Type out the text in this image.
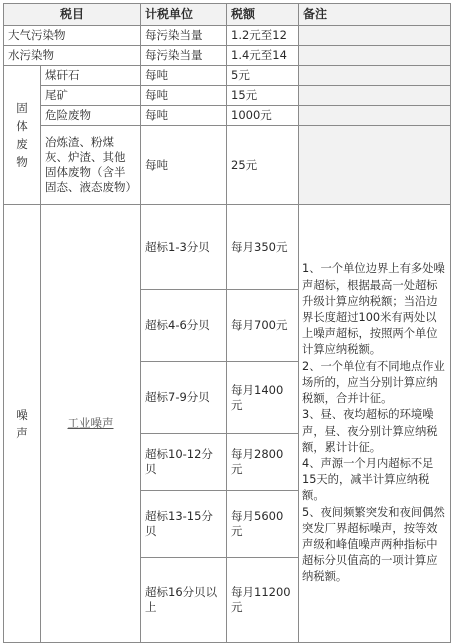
税目		计税单位	税额	备注
大气污染物		每污染当量	1.2元至12	
水污染物		每污染当量	1.4元至14	

固体废物	煤矸石	每吨	5元	
	尾矿	每吨	15元	
	危险废物	每吨	1000元	
	冶炼渣、粉煤灰、炉渣、其他固体废物（含半固态、液态废物）	每吨	25元	

噪声	工业噪声	超标1-3分贝	每月350元	1、一个单位边界上有多处噪声超标，根据最高一处超标升级计算应纳税额；当沿边界长度超过100米有两处以上噪声超标，按照两个单位计算应纳税额。
2、一个单位有不同地点作业场所的，应当分别计算应纳税额，合并计征。
3、昼、夜均超标的环境噪声，昼、夜分别计算应纳税额，累计计征。
4、声源一个月内超标不足15天的，减半计算应纳税额。
5、夜间频繁突发和夜间偶然突发厂界超标噪声，按等效声级和峰值噪声两种指标中超标分贝值高的一项计算应纳税额。

		超标4-6分贝	每月700元	
		超标7-9分贝	每月1400元	
		超标10-12分贝	每月2800元	
		超标13-15分贝	每月5600元	
		超标16分贝以上	每月11200元	
